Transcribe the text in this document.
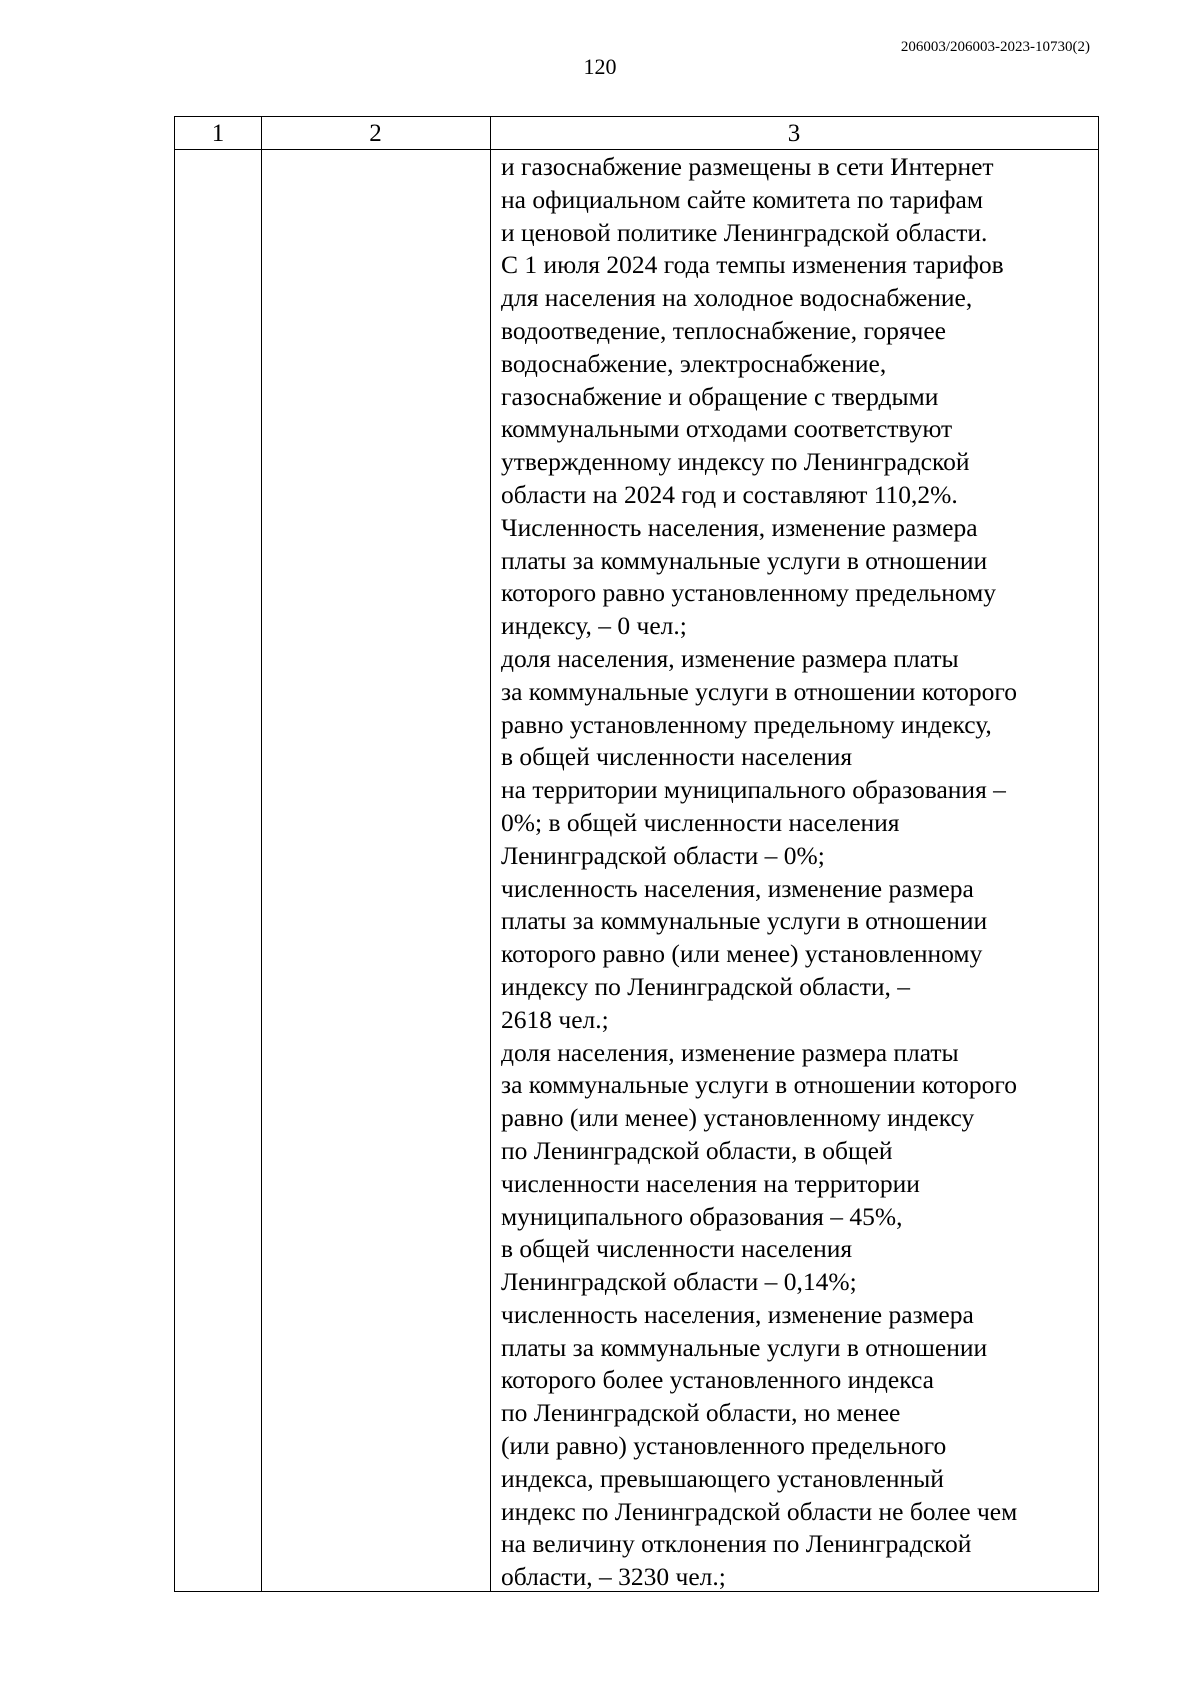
206003/206003-2023-10730(2)
120
1	2	3
и газоснабжение размещены в сети Интернет
на официальном сайте комитета по тарифам
и ценовой политике Ленинградской области.
С 1 июля 2024 года темпы изменения тарифов
для населения на холодное водоснабжение,
водоотведение, теплоснабжение, горячее
водоснабжение, электроснабжение,
газоснабжение и обращение с твердыми
коммунальными отходами соответствуют
утвержденному индексу по Ленинградской
области на 2024 год и составляют 110,2%.
Численность населения, изменение размера
платы за коммунальные услуги в отношении
которого равно установленному предельному
индексу, – 0 чел.;
доля населения, изменение размера платы
за коммунальные услуги в отношении которого
равно установленному предельному индексу,
в общей численности населения
на территории муниципального образования –
0%; в общей численности населения
Ленинградской области – 0%;
численность населения, изменение размера
платы за коммунальные услуги в отношении
которого равно (или менее) установленному
индексу по Ленинградской области, –
2618 чел.;
доля населения, изменение размера платы
за коммунальные услуги в отношении которого
равно (или менее) установленному индексу
по Ленинградской области, в общей
численности населения на территории
муниципального образования – 45%,
в общей численности населения
Ленинградской области – 0,14%;
численность населения, изменение размера
платы за коммунальные услуги в отношении
которого более установленного индекса
по Ленинградской области, но менее
(или равно) установленного предельного
индекса, превышающего установленный
индекс по Ленинградской области не более чем
на величину отклонения по Ленинградской
области, – 3230 чел.;
